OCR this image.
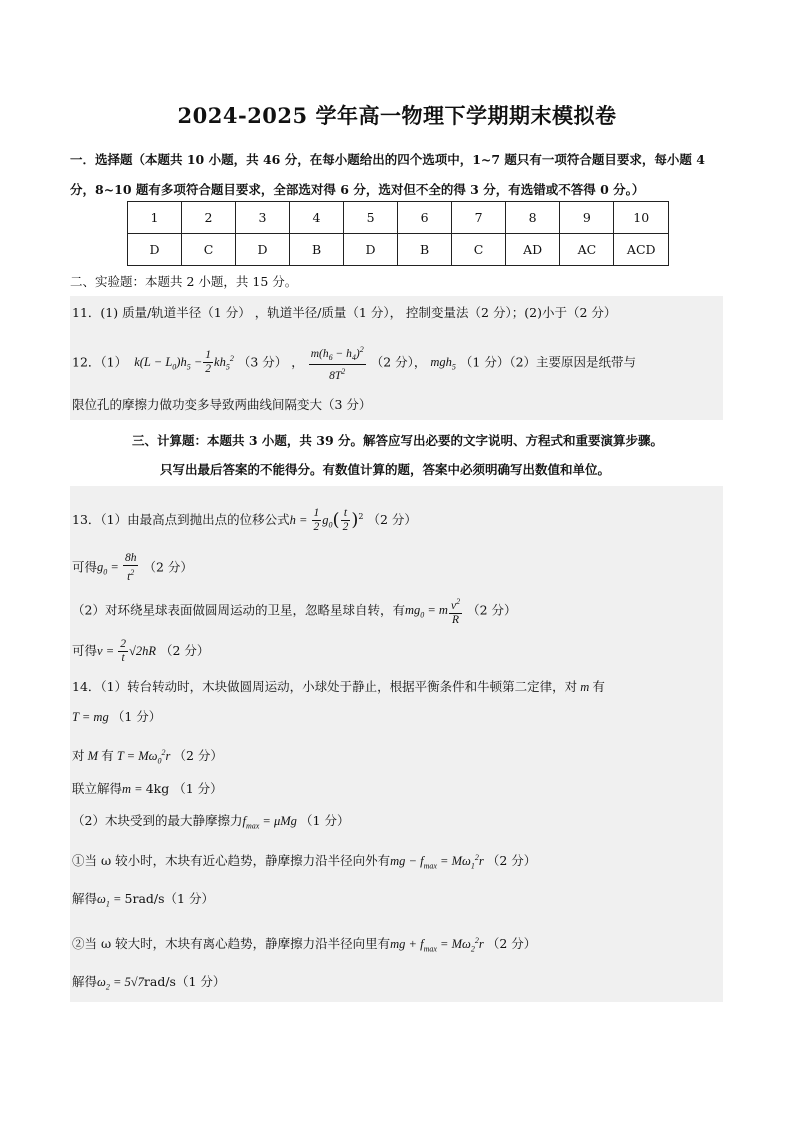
2024-2025 学年高一物理下学期期末模拟卷
一．选择题（本题共 10 小题，共 46 分，在每小题给出的四个选项中，1~7 题只有一项符合题目要求，每小题 4 分，8~10 题有多项符合题目要求，全部选对得 6 分，选对但不全的得 3 分，有选错或不答得 0 分。）
1	2	3	4	5	6	7	8	9	10
D	C	D	B	D	B	C	AD	AC	ACD
二、实验题：本题共 2 小题，共 15 分。
11．(1) 质量/轨道半径（1 分） ，轨道半径/质量（1 分）， 控制变量法（2 分）；(2)小于（2 分）
12．（1）  $k(L - L_0)h_5 - \frac{1}{2} kh_5^2$ （3 分） ， $\frac{m(h_6 - h_4)^2}{8T^2} (2$ 分）， mgh$_5$ （1 分）（2）主要原因是纸带与
限位孔的摩擦力做功变多导致两曲线间隔变大（3 分）
三、计算题：本题共 3 小题，共 39 分。解答应写出必要的文字说明、方程式和重要演算步骤。
只写出最后答案的不能得分。有数值计算的题，答案中必须明确写出数值和单位。
13．（1）由最高点到抛出点的位移公式$h = \frac{1}{2} g_0( \frac{t}{2} )^2$ （2 分）
可得$g_0 = \frac{8h}{t^2} (2$ 分）
（2）对环绕星球表面做圆周运动的卫星，忽略星球自转，有$mg_0 = m \frac{v^2}{R} (2$ 分）
可得$v = \frac{2}{t} √2hR$ （2 分）
14．（1）转台转动时，木块做圆周运动，小球处于静止，根据平衡条件和牛顿第二定律，对 m 有
T = mg （1 分）
对 M 有 $T = M\omega_0^2r$ （2 分）
联立解得m = 4kg （1 分）
（2）木块受到的最大静摩擦力$f_{max} = \mu Mg$ （1 分）
①当 ω 较小时，木块有近心趋势，静摩擦力沿半径向外有mg − $f_{max} = M\omega_1^2r$ （2 分）
解得$\omega_1 = 5rad/s(1$ 分）
②当 ω 较大时，木块有离心趋势，静摩擦力沿半径向里有mg + $f_{max} = M\omega_2^2r$ （2 分）
解得$\omega_2 = 5√7rad/s(1$ 分）
